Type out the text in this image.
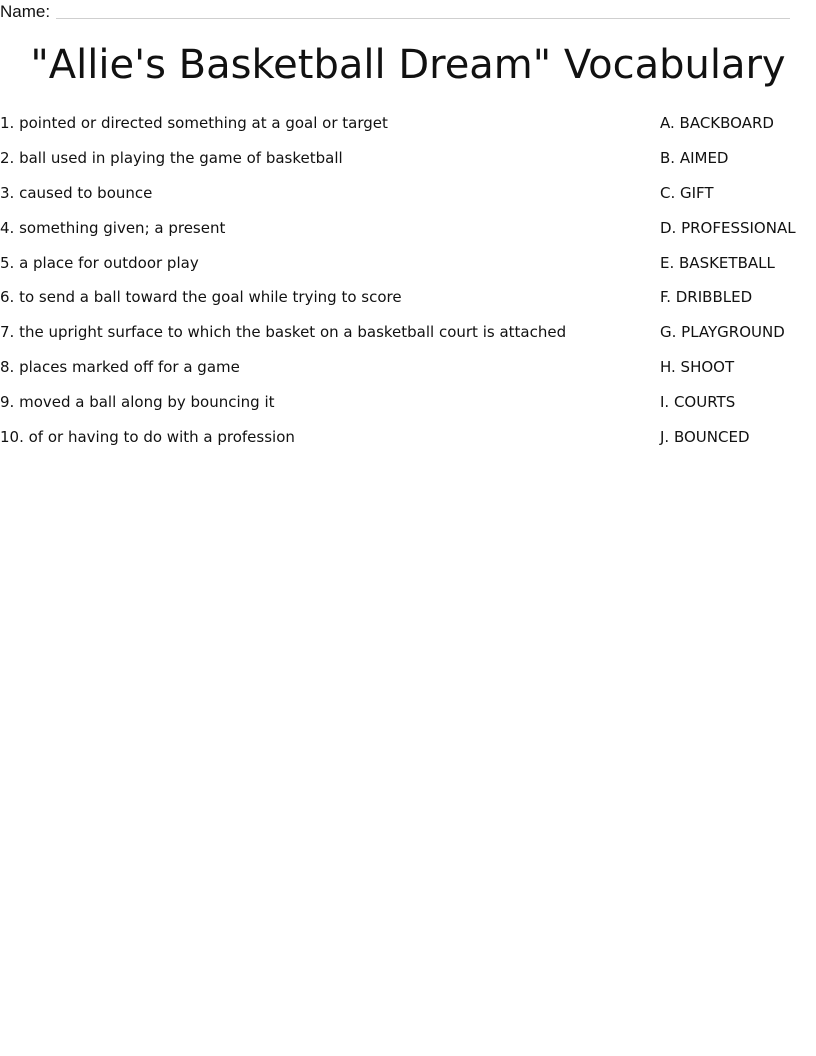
Name:
"Allie's Basketball Dream" Vocabulary
1. pointed or directed something at a goal or target
2. ball used in playing the game of basketball
3. caused to bounce
4. something given; a present
5. a place for outdoor play
6. to send a ball toward the goal while trying to score
7. the upright surface to which the basket on a basketball court is attached
8. places marked off for a game
9. moved a ball along by bouncing it
10. of or having to do with a profession
A. BACKBOARD
B. AIMED
C. GIFT
D. PROFESSIONAL
E. BASKETBALL
F. DRIBBLED
G. PLAYGROUND
H. SHOOT
I. COURTS
J. BOUNCED
